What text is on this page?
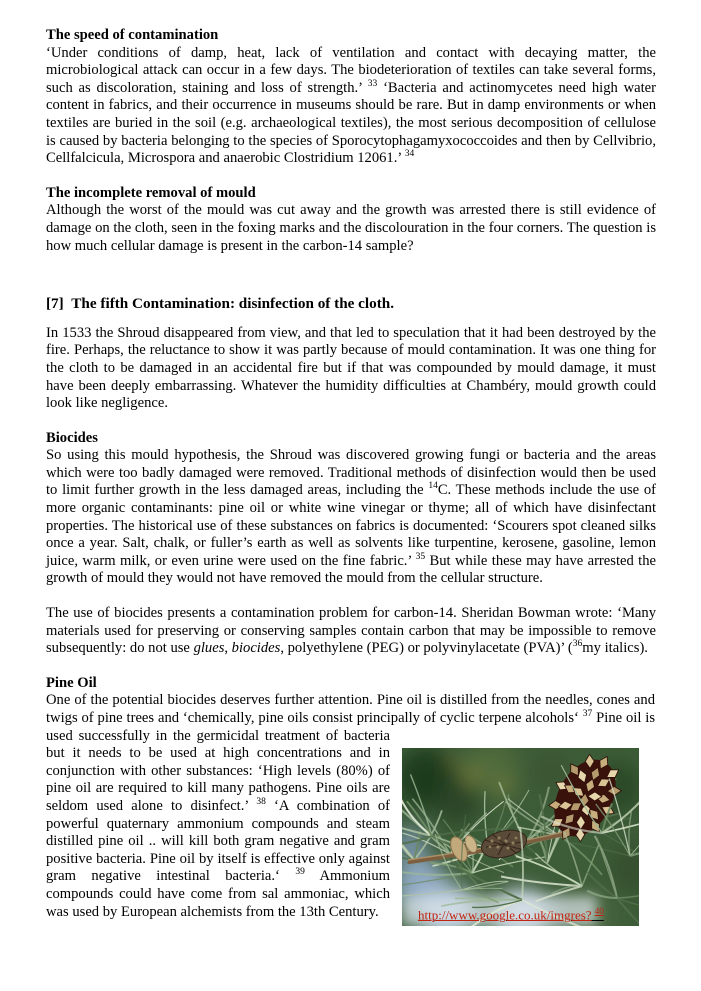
The speed of contamination

‘Under conditions of damp, heat, lack of ventilation and contact with decaying matter, the microbiological attack can occur in a few days. The biodeterioration of textiles can take several forms, such as discoloration, staining and loss of strength.’ $^{33}$ ‘Bacteria and actinomycetes need high water content in fabrics, and their occurrence in museums should be rare. But in damp environments or when textiles are buried in the soil (e.g. archaeological textiles), the most serious decomposition of cellulose is caused by bacteria belonging to the species of Sporocytophagamyxococcoides and then by Cellvibrio, Cellfalcicula, Microspora and anaerobic Clostridium 12061.’ $^{34}$

The incomplete removal of mould

Although the worst of the mould was cut away and the growth was arrested there is still evidence of damage on the cloth, seen in the foxing marks and the discolouration in the four corners. The question is how much cellular damage is present in the carbon-14 sample?

[7]  The fifth Contamination: disinfection of the cloth.

In 1533 the Shroud disappeared from view, and that led to speculation that it had been destroyed by the fire. Perhaps, the reluctance to show it was partly because of mould contamination. It was one thing for the cloth to be damaged in an accidental fire but if that was compounded by mould damage, it must have been deeply embarrassing. Whatever the humidity difficulties at Chambéry, mould growth could look like negligence.

Biocides

So using this mould hypothesis, the Shroud was discovered growing fungi or bacteria and the areas which were too badly damaged were removed. Traditional methods of disinfection would then be used to limit further growth in the less damaged areas, including the $^{14}$C. These methods include the use of more organic contaminants: pine oil or white wine vinegar or thyme; all of which have disinfectant properties. The historical use of these substances on fabrics is documented: ‘Scourers spot cleaned silks once a year. Salt, chalk, or fuller’s earth as well as solvents like turpentine, kerosene, gasoline, lemon juice, warm milk, or even urine were used on the fine fabric.’ $^{35}$ But while these may have arrested the growth of mould they would not have removed the mould from the cellular structure.

The use of biocides presents a contamination problem for carbon-14. Sheridan Bowman wrote: ‘Many materials used for preserving or conserving samples contain carbon that may be impossible to remove subsequently: do not use glues, biocides, polyethylene (PEG) or polyvinylacetate (PVA)’ ($^{36}$my italics).

Pine Oil
http://www.google.co.uk/imgres? $^{40}$

One of the potential biocides deserves further attention. Pine oil is distilled from the needles, cones and twigs of pine trees and ‘chemically, pine oils consist principally of cyclic terpene alcohols‘ $^{37}$ Pine oil is used successfully in the germicidal treatment of bacteria but it needs to be used at high concentrations and in conjunction with other substances: ‘High levels (80%) of pine oil are required to kill many pathogens. Pine oils are seldom used alone to disinfect.’ $^{38}$ ‘A combination of powerful quaternary ammonium compounds and steam distilled pine oil .. will kill both gram negative and gram positive bacteria. Pine oil by itself is effective only against gram negative intestinal bacteria.‘ $^{39}$ Ammonium compounds could have come from sal ammoniac, which was used by European alchemists from the 13th Century.
